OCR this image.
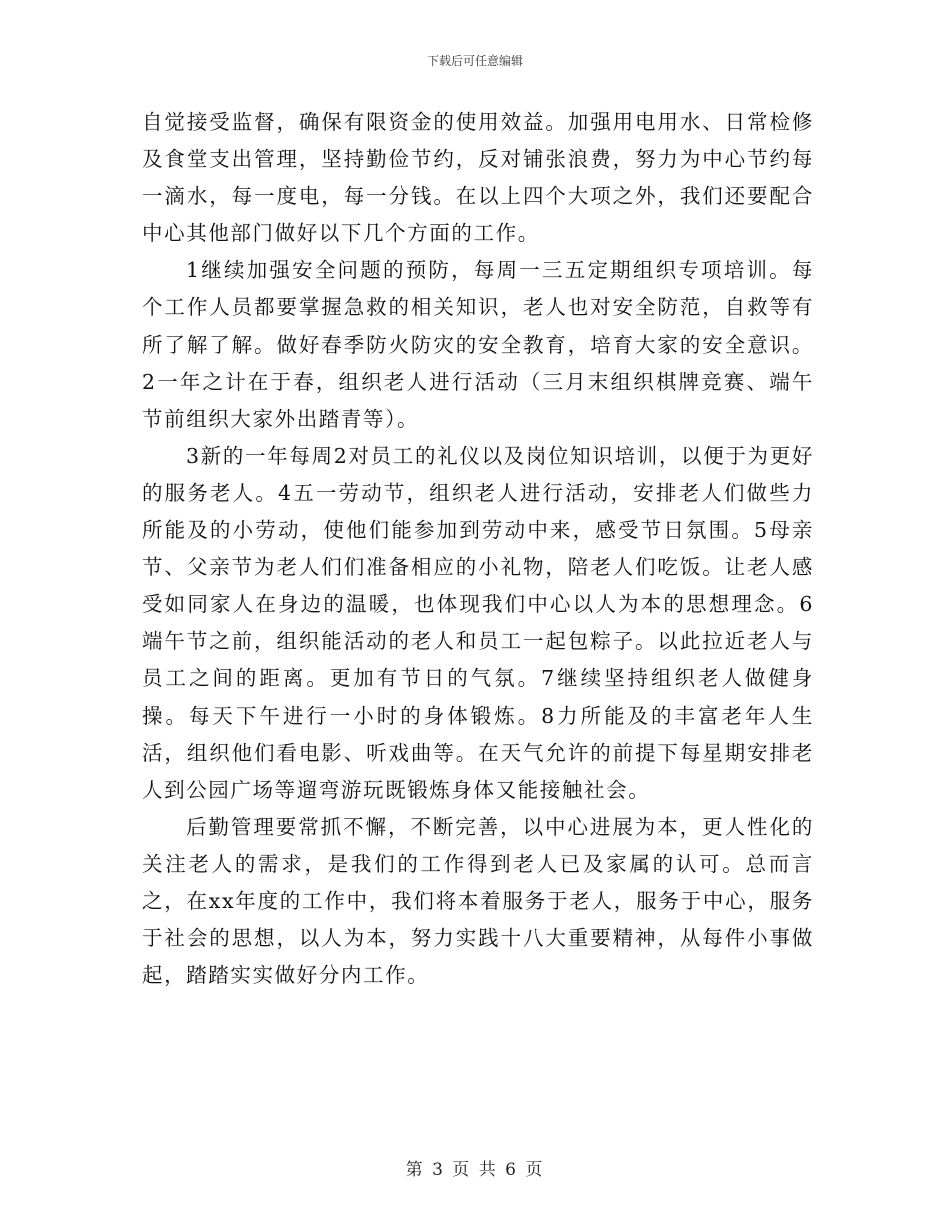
下载后可任意编辑

自觉接受监督，确保有限资金的使用效益。加强用电用水、日常检修及食堂支出管理，坚持勤俭节约，反对铺张浪费，努力为中心节约每一滴水，每一度电，每一分钱。在以上四个大项之外，我们还要配合中心其他部门做好以下几个方面的工作。

1继续加强安全问题的预防，每周一三五定期组织专项培训。每个工作人员都要掌握急救的相关知识，老人也对安全防范，自救等有所了解了解。做好春季防火防灾的安全教育，培育大家的安全意识。2一年之计在于春，组织老人进行活动（三月末组织棋牌竞赛、端午节前组织大家外出踏青等）。

3新的一年每周2对员工的礼仪以及岗位知识培训，以便于为更好的服务老人。4五一劳动节，组织老人进行活动，安排老人们做些力所能及的小劳动，使他们能参加到劳动中来，感受节日氛围。5母亲节、父亲节为老人们们准备相应的小礼物，陪老人们吃饭。让老人感受如同家人在身边的温暖，也体现我们中心以人为本的思想理念。6端午节之前，组织能活动的老人和员工一起包粽子。以此拉近老人与员工之间的距离。更加有节日的气氛。7继续坚持组织老人做健身操。每天下午进行一小时的身体锻炼。8力所能及的丰富老年人生活，组织他们看电影、听戏曲等。在天气允许的前提下每星期安排老人到公园广场等遛弯游玩既锻炼身体又能接触社会。

后勤管理要常抓不懈，不断完善，以中心进展为本，更人性化的关注老人的需求，是我们的工作得到老人已及家属的认可。总而言之，在xx年度的工作中，我们将本着服务于老人，服务于中心，服务于社会的思想，以人为本，努力实践十八大重要精神，从每件小事做起，踏踏实实做好分内工作。

第 3 页 共 6 页
